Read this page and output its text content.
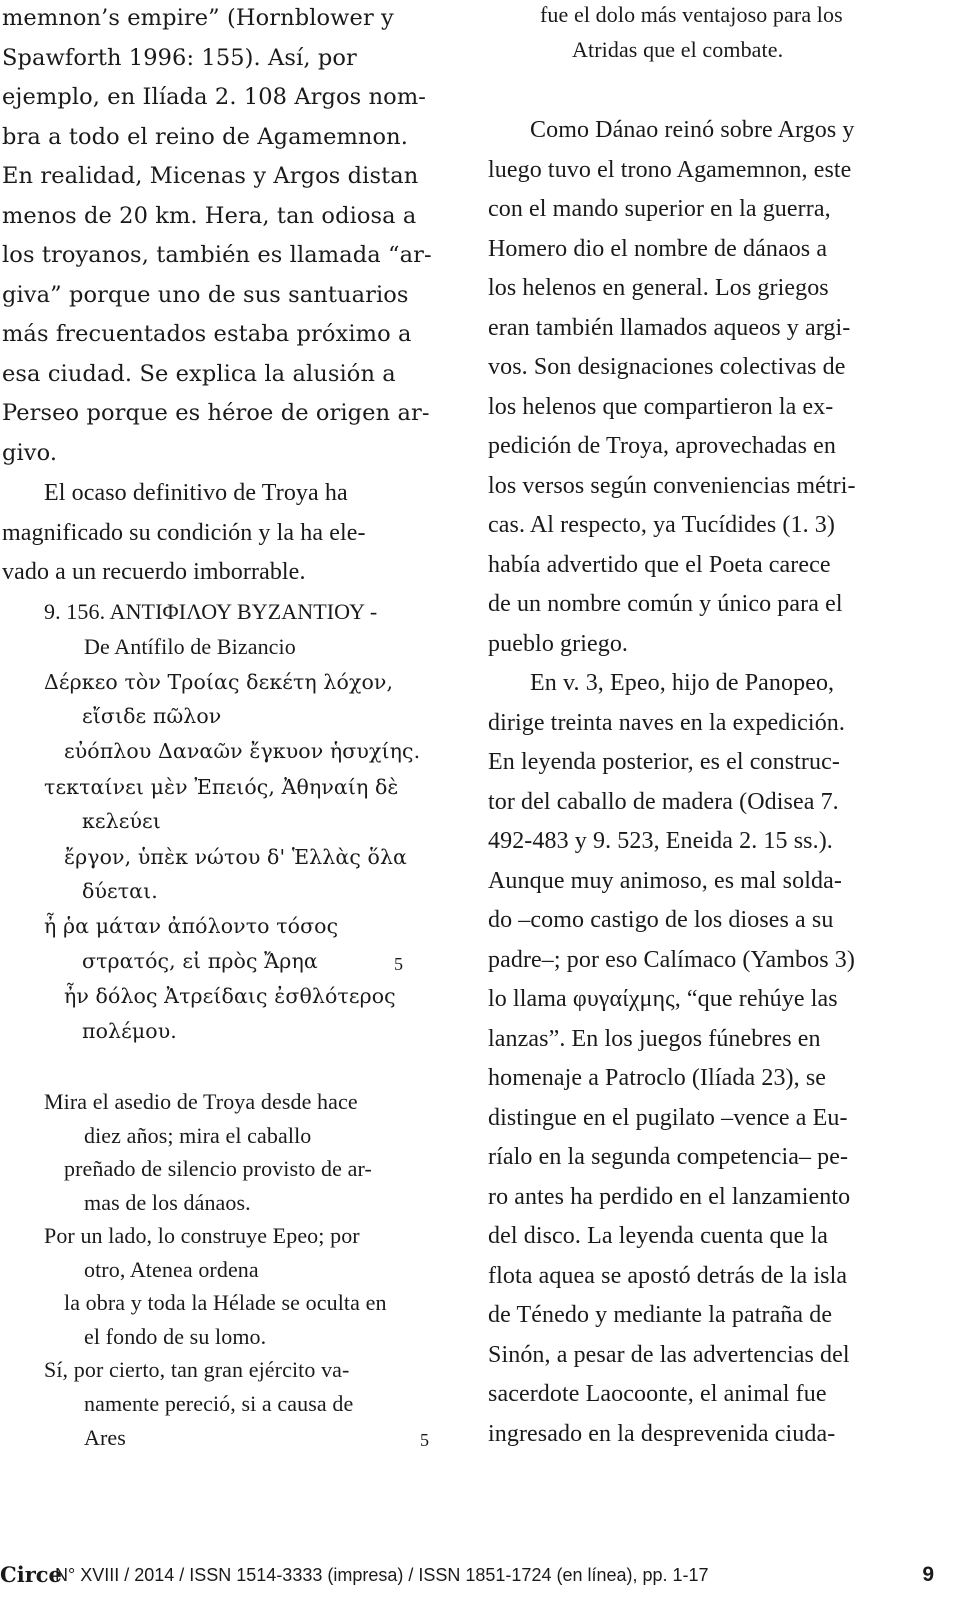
memnon’s empire” (Hornblower y
Spawforth 1996: 155). Así, por
ejemplo, en Ilíada 2. 108 Argos nom-
bra a todo el reino de Agamemnon.
En realidad, Micenas y Argos distan
menos de 20 km. Hera, tan odiosa a
los troyanos, también es llamada “ar-
giva” porque uno de sus santuarios
más frecuentados estaba próximo a
esa ciudad. Se explica la alusión a
Perseo porque es héroe de origen ar-
givo.
El ocaso definitivo de Troya ha
magnificado su condición y la ha ele-
vado a un recuerdo imborrable.
9. 156. ΑΝΤΙΦΙΛΟΥ ΒΥΖΑΝΤΙΟΥ -
De Antífilo de Bizancio
Δέρκεο τὸν Τροίας δεκέτη λόχον,
εἴσιδε πῶλον
εὐόπλου Δαναῶν ἔγκυον ἡσυχίης.
τεκταίνει μὲν Ἐπειός, Ἀθηναίη δὲ
κελεύει
ἔργον, ὑπὲκ νώτου δ' Ἑλλὰς ὅλα
δύεται.
ἦ ῥα μάταν ἀπόλοντο τόσος
στρατός, εἰ πρὸς Ἄρηα	5
ἦν δόλος Ἀτρείδαις ἐσθλότερος
πολέμου.
Mira el asedio de Troya desde hace
diez años; mira el caballo
preñado de silencio provisto de ar-
mas de los dánaos.
Por un lado, lo construye Epeo; por
otro, Atenea ordena
la obra y toda la Hélade se oculta en
el fondo de su lomo.
Sí, por cierto, tan gran ejército va-
namente pereció, si a causa de
Ares	5
fue el dolo más ventajoso para los
Atridas que el combate.
Como Dánao reinó sobre Argos y
luego tuvo el trono Agamemnon, este
con el mando superior en la guerra,
Homero dio el nombre de dánaos a
los helenos en general. Los griegos
eran también llamados aqueos y argi-
vos. Son designaciones colectivas de
los helenos que compartieron la ex-
pedición de Troya, aprovechadas en
los versos según conveniencias métri-
cas. Al respecto, ya Tucídides (1. 3)
había advertido que el Poeta carece
de un nombre común y único para el
pueblo griego.
En v. 3, Epeo, hijo de Panopeo,
dirige treinta naves en la expedición.
En leyenda posterior, es el construc-
tor del caballo de madera (Odisea 7.
492-483 y 9. 523, Eneida 2. 15 ss.).
Aunque muy animoso, es mal solda-
do –como castigo de los dioses a su
padre–; por eso Calímaco (Yambos 3)
lo llama φυγαίχμης, “que rehúye las
lanzas”. En los juegos fúnebres en
homenaje a Patroclo (Ilíada 23), se
distingue en el pugilato –vence a Eu-
ríalo en la segunda competencia– pe-
ro antes ha perdido en el lanzamiento
del disco. La leyenda cuenta que la
flota aquea se apostó detrás de la isla
de Ténedo y mediante la patraña de
Sinón, a pesar de las advertencias del
sacerdote Laocoonte, el animal fue
ingresado en la desprevenida ciuda-
Circe
N° XVIII / 2014 / ISSN 1514-3333 (impresa) / ISSN 1851-1724 (en línea), pp. 1-17	9
